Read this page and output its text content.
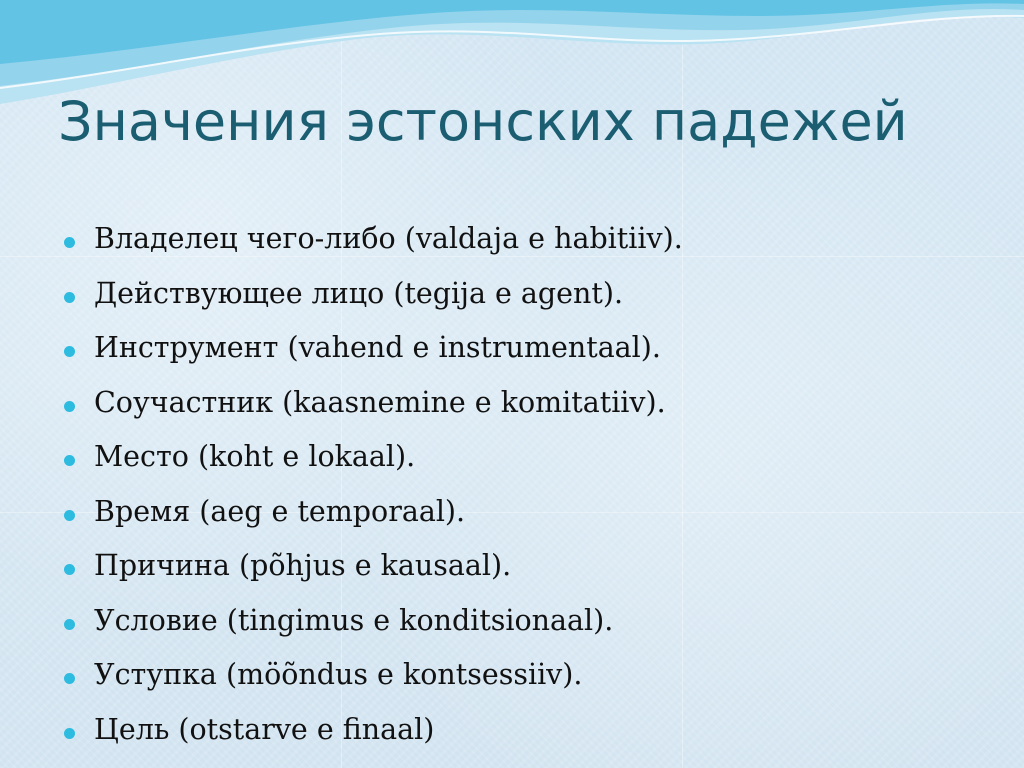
Значения эстонских падежей
Владелец чего-либо (valdaja e habitiiv).
Действующее лицо (tegija e agent).
Инструмент (vahend e instrumentaal).
Соучастник (kaasnemine e komitatiiv).
Место (koht e lokaal).
Время (aeg e temporaal).
Причина (põhjus e kausaal).
Условие (tingimus e konditsionaal).
Уступка (möõndus e kontsessiiv).
Цель (otstarve e finaal)
